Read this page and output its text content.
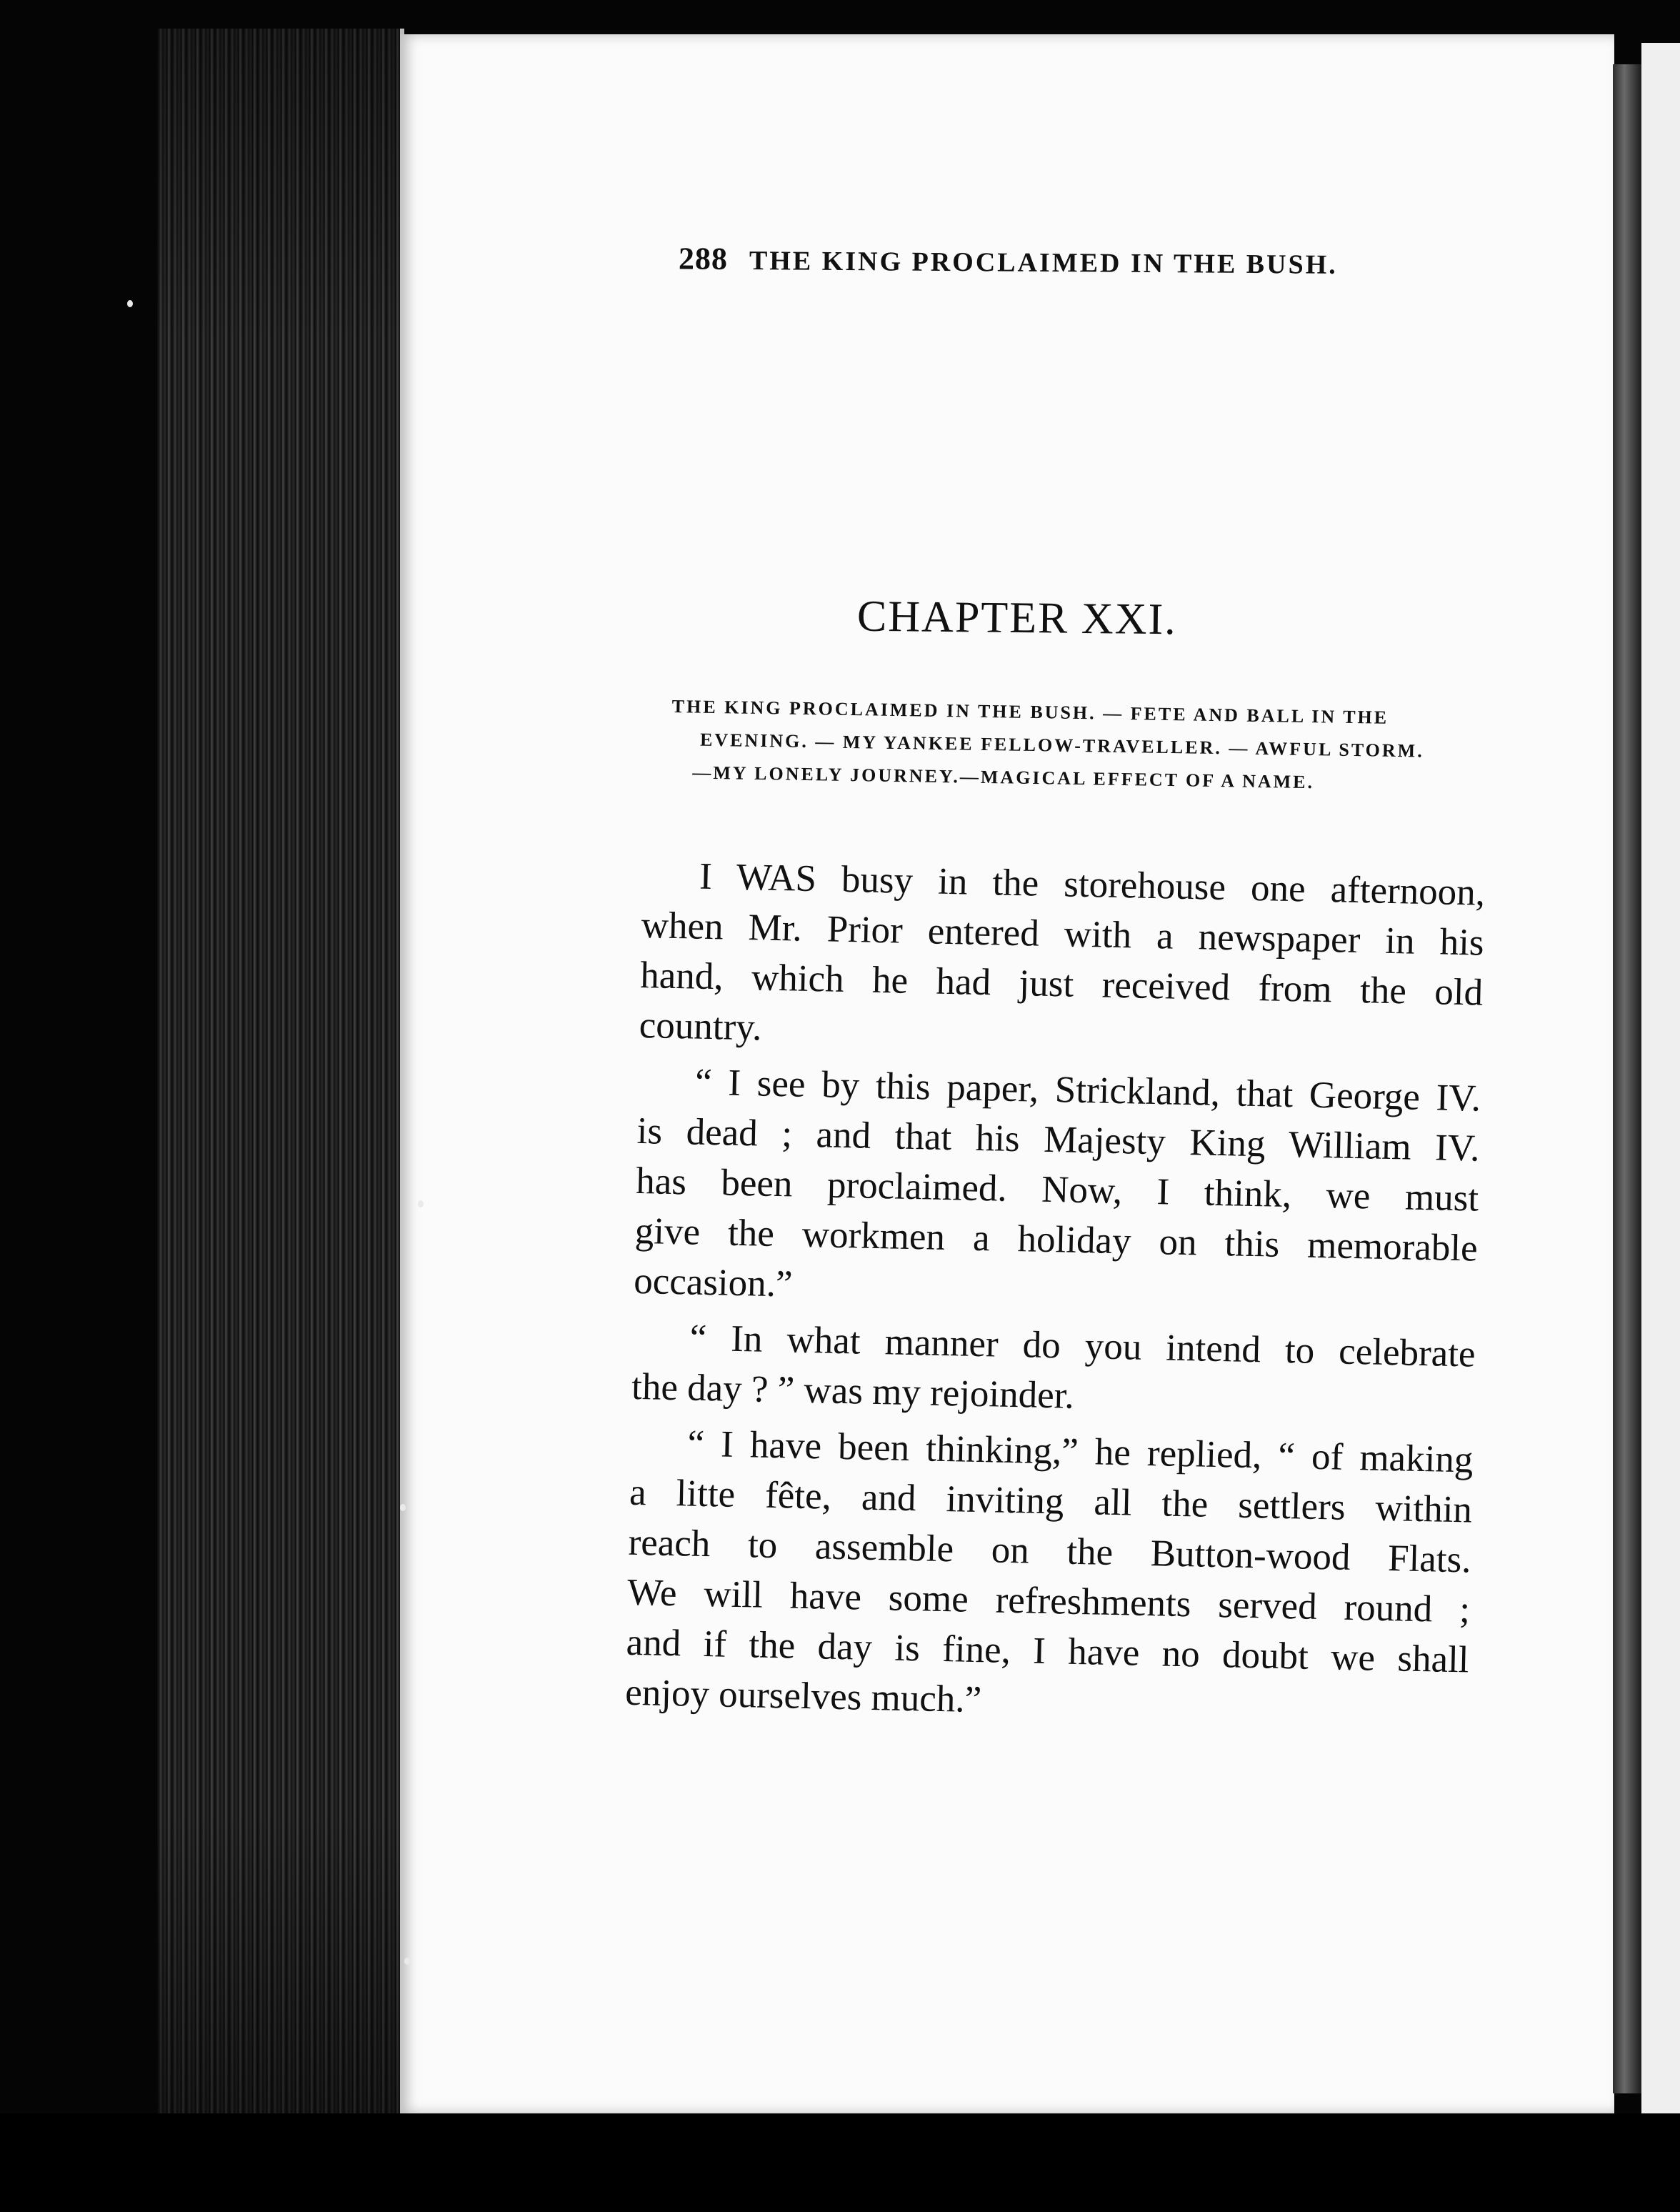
288 THE KING PROCLAIMED IN THE BUSH.
CHAPTER XXI.
THE KING PROCLAIMED IN THE BUSH. — FETE AND BALL IN THE
EVENING. — MY YANKEE FELLOW-TRAVELLER. — AWFUL STORM.
—MY LONELY JOURNEY.—MAGICAL EFFECT OF A NAME.

I WAS busy in the storehouse one afternoon,
when Mr. Prior entered with a newspaper in his
hand, which he had just received from the old
country.

“ I see by this paper, Strickland, that George IV.
is dead ; and that his Majesty King William IV.
has been proclaimed. Now, I think, we must
give the workmen a holiday on this memorable
occasion.”

“ In what manner do you intend to celebrate
the day ? ” was my rejoinder.

“ I have been thinking,” he replied, “ of making
a litte fête, and inviting all the settlers within
reach to assemble on the Button-wood Flats.
We will have some refreshments served round ;
and if the day is fine, I have no doubt we shall
enjoy ourselves much.”
